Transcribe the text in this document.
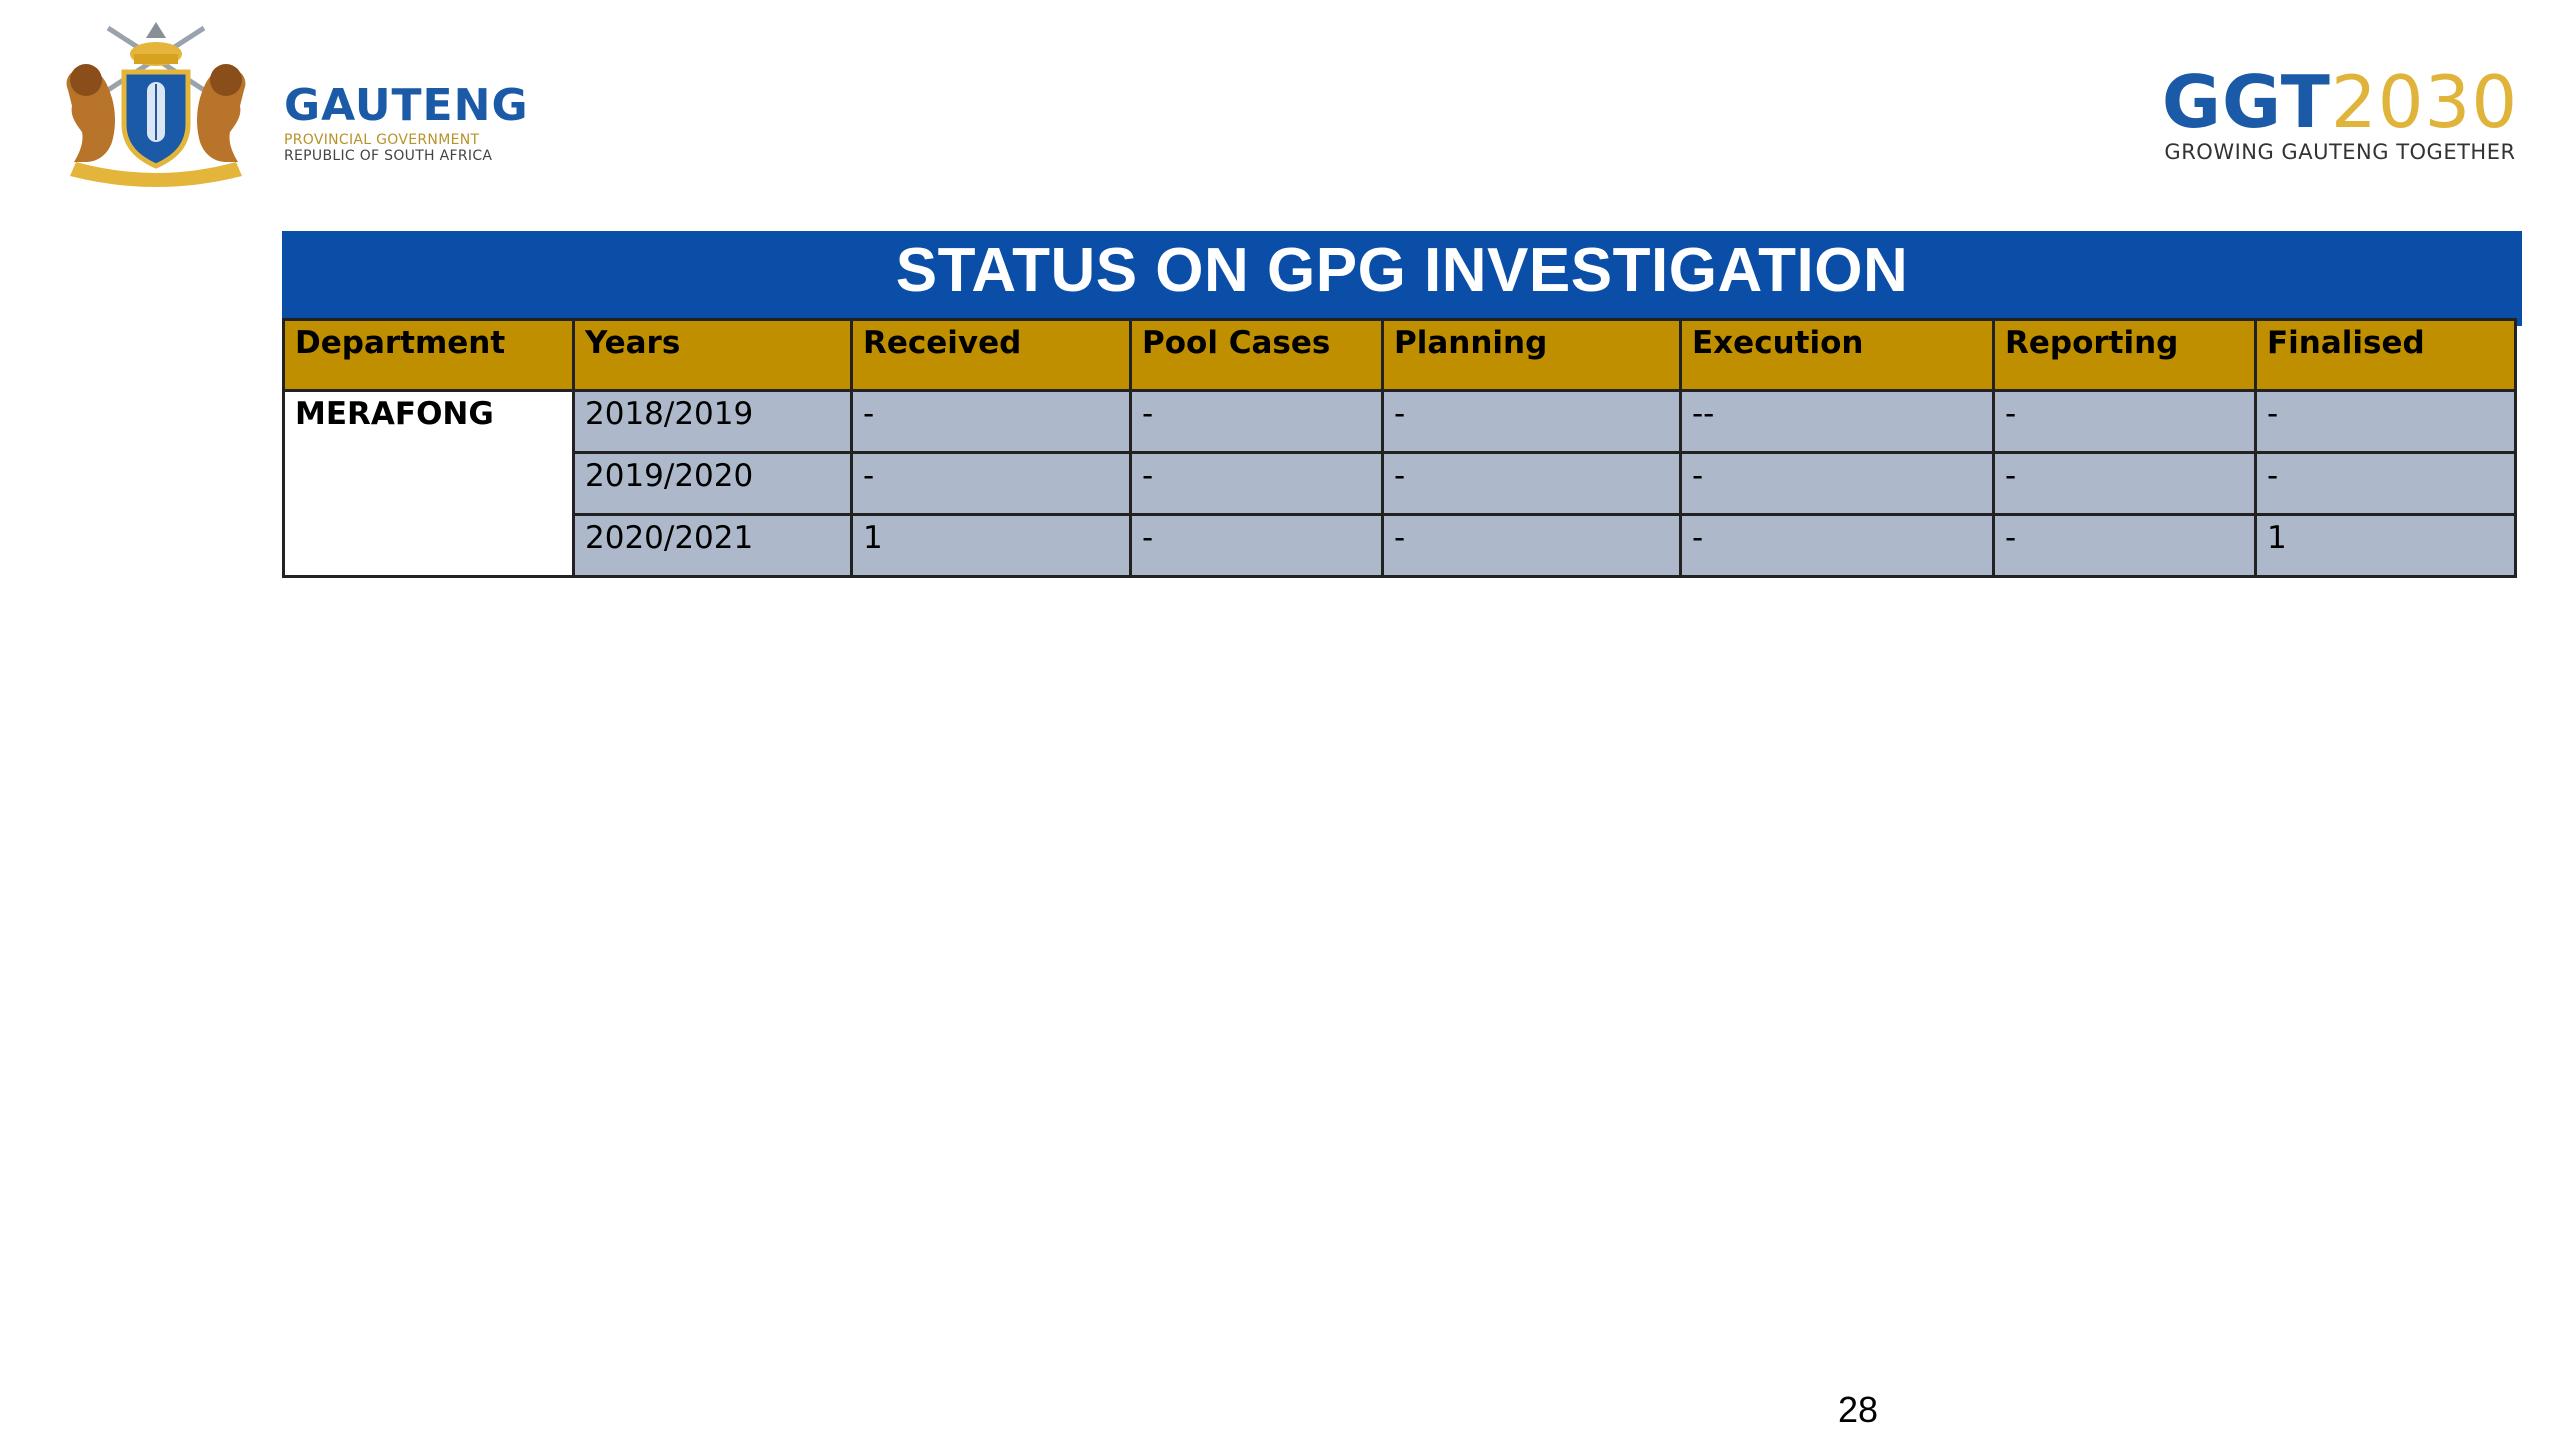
GAUTENG
PROVINCIAL GOVERNMENT
REPUBLIC OF SOUTH AFRICA
GGT2030
GROWING GAUTENG TOGETHER
STATUS ON GPG INVESTIGATION
Department	Years	Received	Pool Cases	Planning	Execution	Reporting	Finalised
MERAFONG	2018/2019	-	-	-	--	-	-
	2019/2020	-	-	-	-	-	-
	2020/2021	1	-	-	-	-	1
28
